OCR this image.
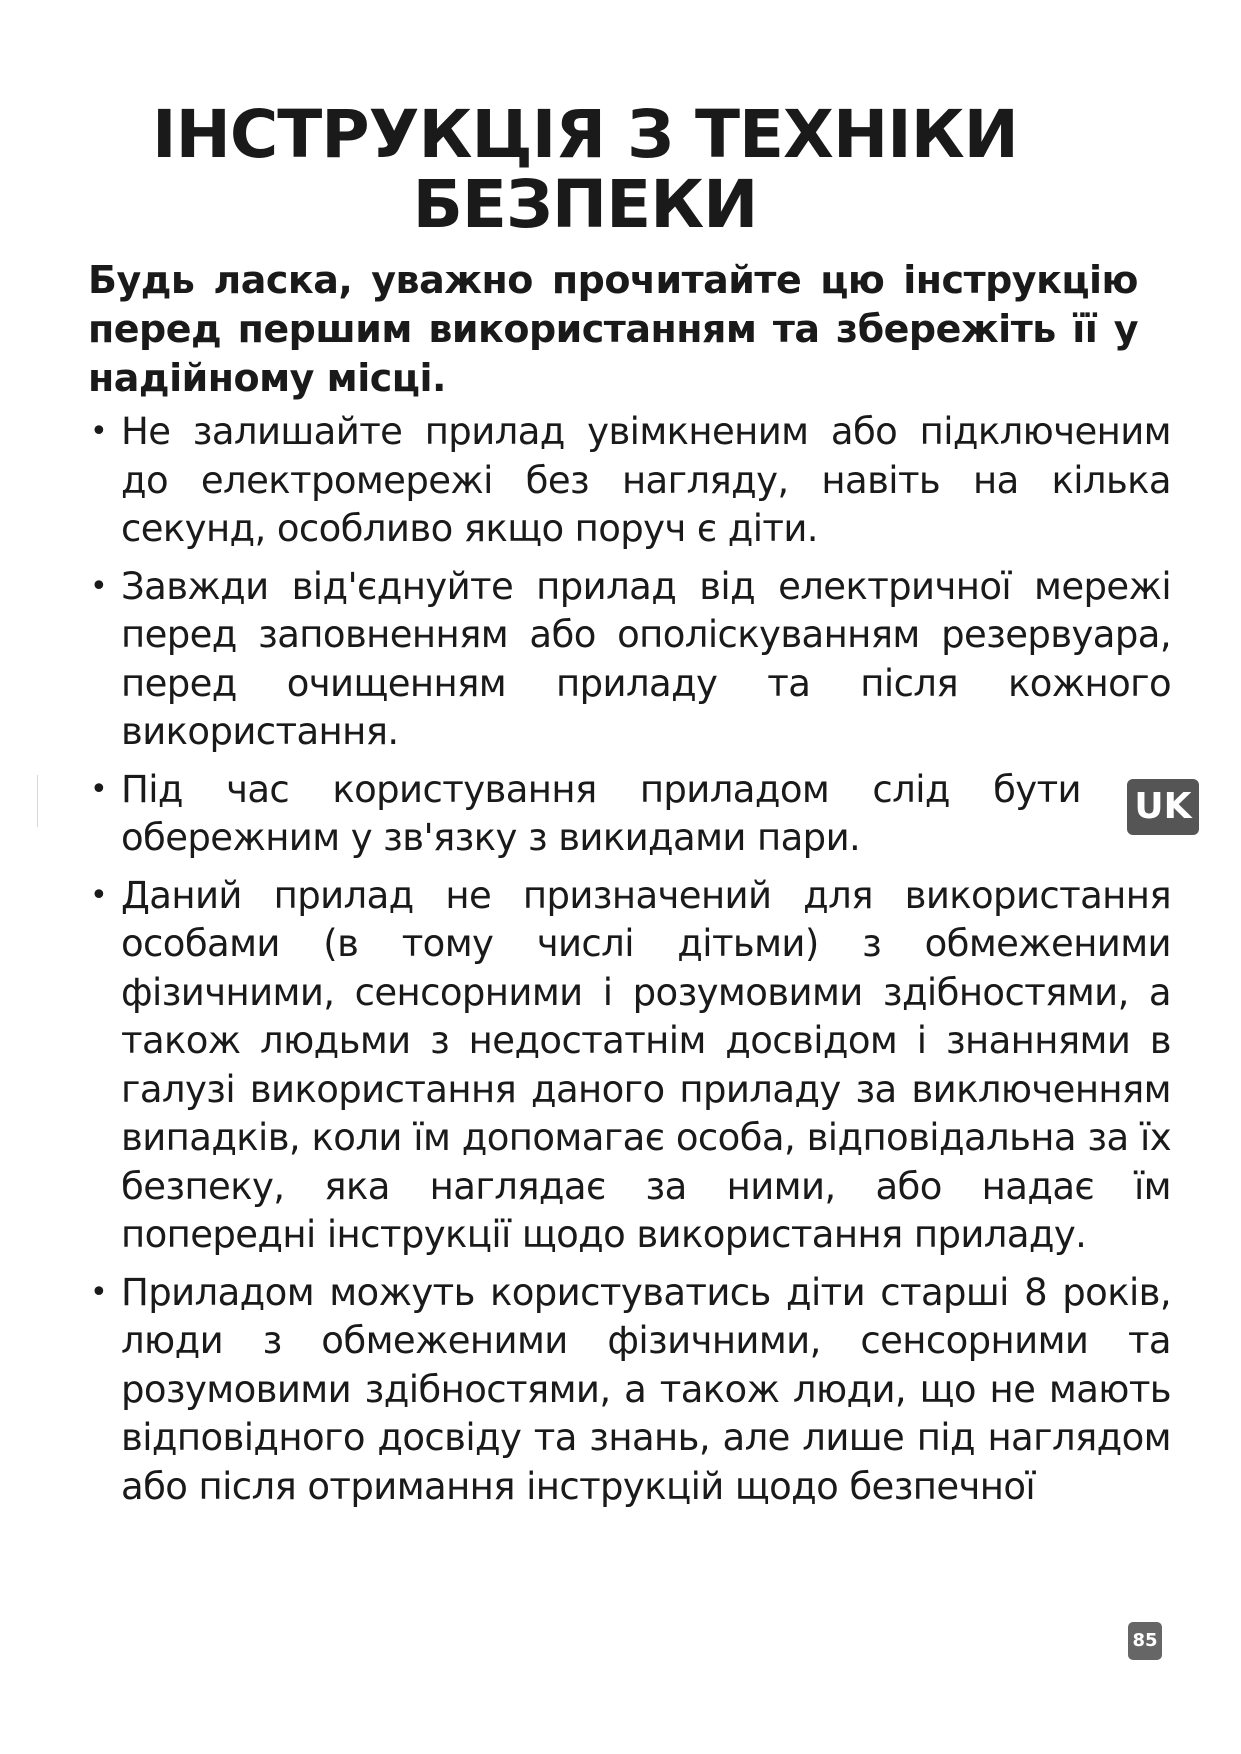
ІНСТРУКЦІЯ З ТЕХНІКИ
БЕЗПЕКИ

Будь ласка, уважно прочитайте цю інструкцію перед першим використанням та збережіть її у надійному місці.

• Не залишайте прилад увімкненим або підключеним до електромережі без нагляду, навіть на кілька секунд, особливо якщо поруч є діти.
• Завжди від'єднуйте прилад від електричної мережі перед заповненням або ополіскуванням резервуара, перед очищенням приладу та після кожного використання.
• Під час користування приладом слід бути обережним у зв'язку з викидами пари.
• Даний прилад не призначений для використання особами (в тому числі дітьми) з обмеженими фізичними, сенсорними і розумовими здібностями, а також людьми з недостатнім досвідом і знаннями в галузі використання даного приладу за виключенням випадків, коли їм допомагає особа, відповідальна за їх безпеку, яка наглядає за ними, або надає їм попередні інструкції щодо використання приладу.
• Приладом можуть користуватись діти старші 8 років, люди з обмеженими фізичними, сенсорними та розумовими здібностями, а також люди, що не мають відповідного досвіду та знань, але лише під наглядом або після отримання інструкцій щодо безпечної
UK
85
